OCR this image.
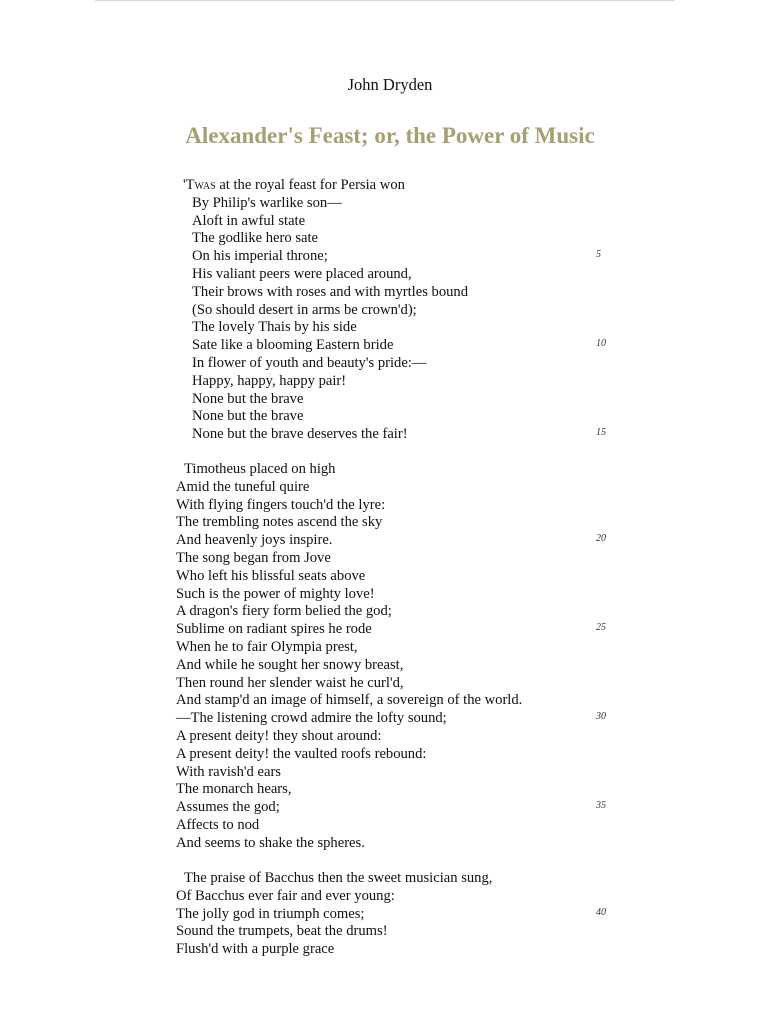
John Dryden
Alexander's Feast; or, the Power of Music
'Twas at the royal feast for Persia won
By Philip's warlike son—
Aloft in awful state
The godlike hero sate
On his imperial throne;
His valiant peers were placed around,
Their brows with roses and with myrtles bound
(So should desert in arms be crown'd);
The lovely Thais by his side
Sate like a blooming Eastern bride
In flower of youth and beauty's pride:—
Happy, happy, happy pair!
None but the brave
None but the brave
None but the brave deserves the fair!
Timotheus placed on high
Amid the tuneful quire
With flying fingers touch'd the lyre:
The trembling notes ascend the sky
And heavenly joys inspire.
The song began from Jove
Who left his blissful seats above
Such is the power of mighty love!
A dragon's fiery form belied the god;
Sublime on radiant spires he rode
When he to fair Olympia prest,
And while he sought her snowy breast,
Then round her slender waist he curl'd,
And stamp'd an image of himself, a sovereign of the world.
—The listening crowd admire the lofty sound;
A present deity! they shout around:
A present deity! the vaulted roofs rebound:
With ravish'd ears
The monarch hears,
Assumes the god;
Affects to nod
And seems to shake the spheres.
The praise of Bacchus then the sweet musician sung,
Of Bacchus ever fair and ever young:
The jolly god in triumph comes;
Sound the trumpets, beat the drums!
Flush'd with a purple grace
5
10
15
20
25
30
35
40
